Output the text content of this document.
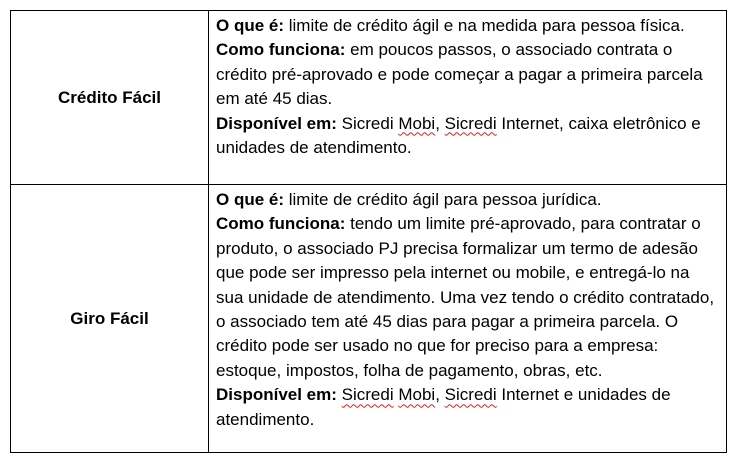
Crédito Fácil	O que é: limite de crédito ágil e na medida para pessoa física.

Como funciona: em poucos passos, o associado contrata o crédito pré-aprovado e pode começar a pagar a primeira parcela em até 45 dias.

Disponível em: Sicredi Mobi, Sicredi Internet, caixa eletrônico e unidades de atendimento.

Giro Fácil	O que é: limite de crédito ágil para pessoa jurídica.

Como funciona: tendo um limite pré-aprovado, para contratar o produto, o associado PJ precisa formalizar um termo de adesão que pode ser impresso pela internet ou mobile, e entregá-lo na sua unidade de atendimento. Uma vez tendo o crédito contratado, o associado tem até 45 dias para pagar a primeira parcela. O crédito pode ser usado no que for preciso para a empresa: estoque, impostos, folha de pagamento, obras, etc.

Disponível em: Sicredi Mobi, Sicredi Internet e unidades de atendimento.
